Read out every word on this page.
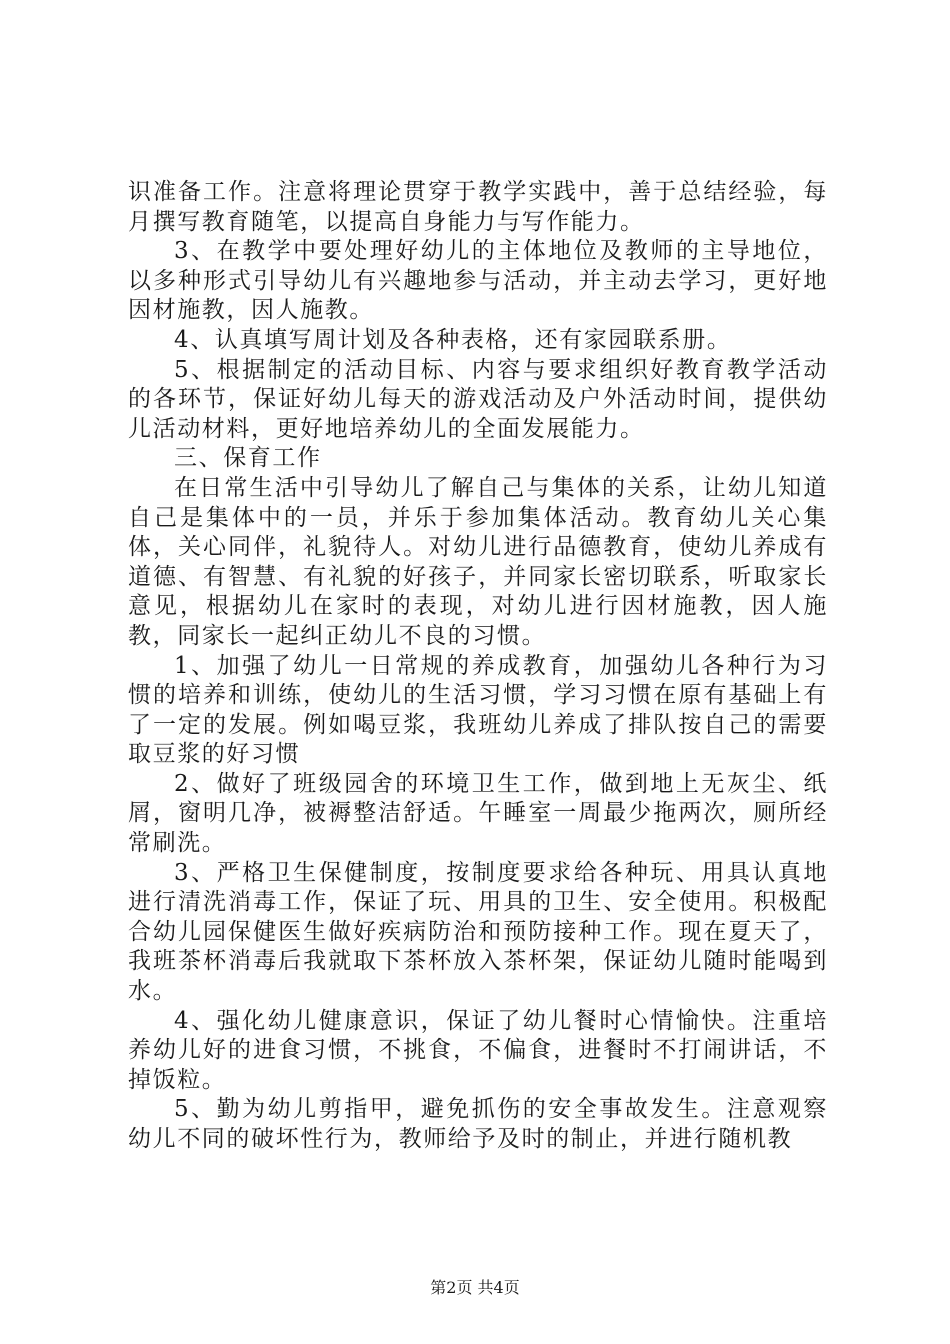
识准备工作。注意将理论贯穿于教学实践中，善于总结经验，每月撰写教育随笔，以提高自身能力与写作能力。

3、在教学中要处理好幼儿的主体地位及教师的主导地位，以多种形式引导幼儿有兴趣地参与活动，并主动去学习，更好地因材施教，因人施教。

4、认真填写周计划及各种表格，还有家园联系册。

5、根据制定的活动目标、内容与要求组织好教育教学活动的各环节，保证好幼儿每天的游戏活动及户外活动时间，提供幼儿活动材料，更好地培养幼儿的全面发展能力。

三、保育工作

在日常生活中引导幼儿了解自己与集体的关系，让幼儿知道自己是集体中的一员，并乐于参加集体活动。教育幼儿关心集体，关心同伴，礼貌待人。对幼儿进行品德教育，使幼儿养成有道德、有智慧、有礼貌的好孩子，并同家长密切联系，听取家长意见，根据幼儿在家时的表现，对幼儿进行因材施教，因人施教，同家长一起纠正幼儿不良的习惯。

1、加强了幼儿一日常规的养成教育，加强幼儿各种行为习惯的培养和训练，使幼儿的生活习惯，学习习惯在原有基础上有了一定的发展。例如喝豆浆，我班幼儿养成了排队按自己的需要取豆浆的好习惯

2、做好了班级园舍的环境卫生工作，做到地上无灰尘、纸屑，窗明几净，被褥整洁舒适。午睡室一周最少拖两次，厕所经常刷洗。

3、严格卫生保健制度，按制度要求给各种玩、用具认真地进行清洗消毒工作，保证了玩、用具的卫生、安全使用。积极配合幼儿园保健医生做好疾病防治和预防接种工作。现在夏天了，我班茶杯消毒后我就取下茶杯放入茶杯架，保证幼儿随时能喝到水。

4、强化幼儿健康意识，保证了幼儿餐时心情愉快。注重培养幼儿好的进食习惯，不挑食，不偏食，进餐时不打闹讲话，不掉饭粒。

5、勤为幼儿剪指甲，避免抓伤的安全事故发生。注意观察幼儿不同的破坏性行为，教师给予及时的制止，并进行随机教

第2页 共4页
